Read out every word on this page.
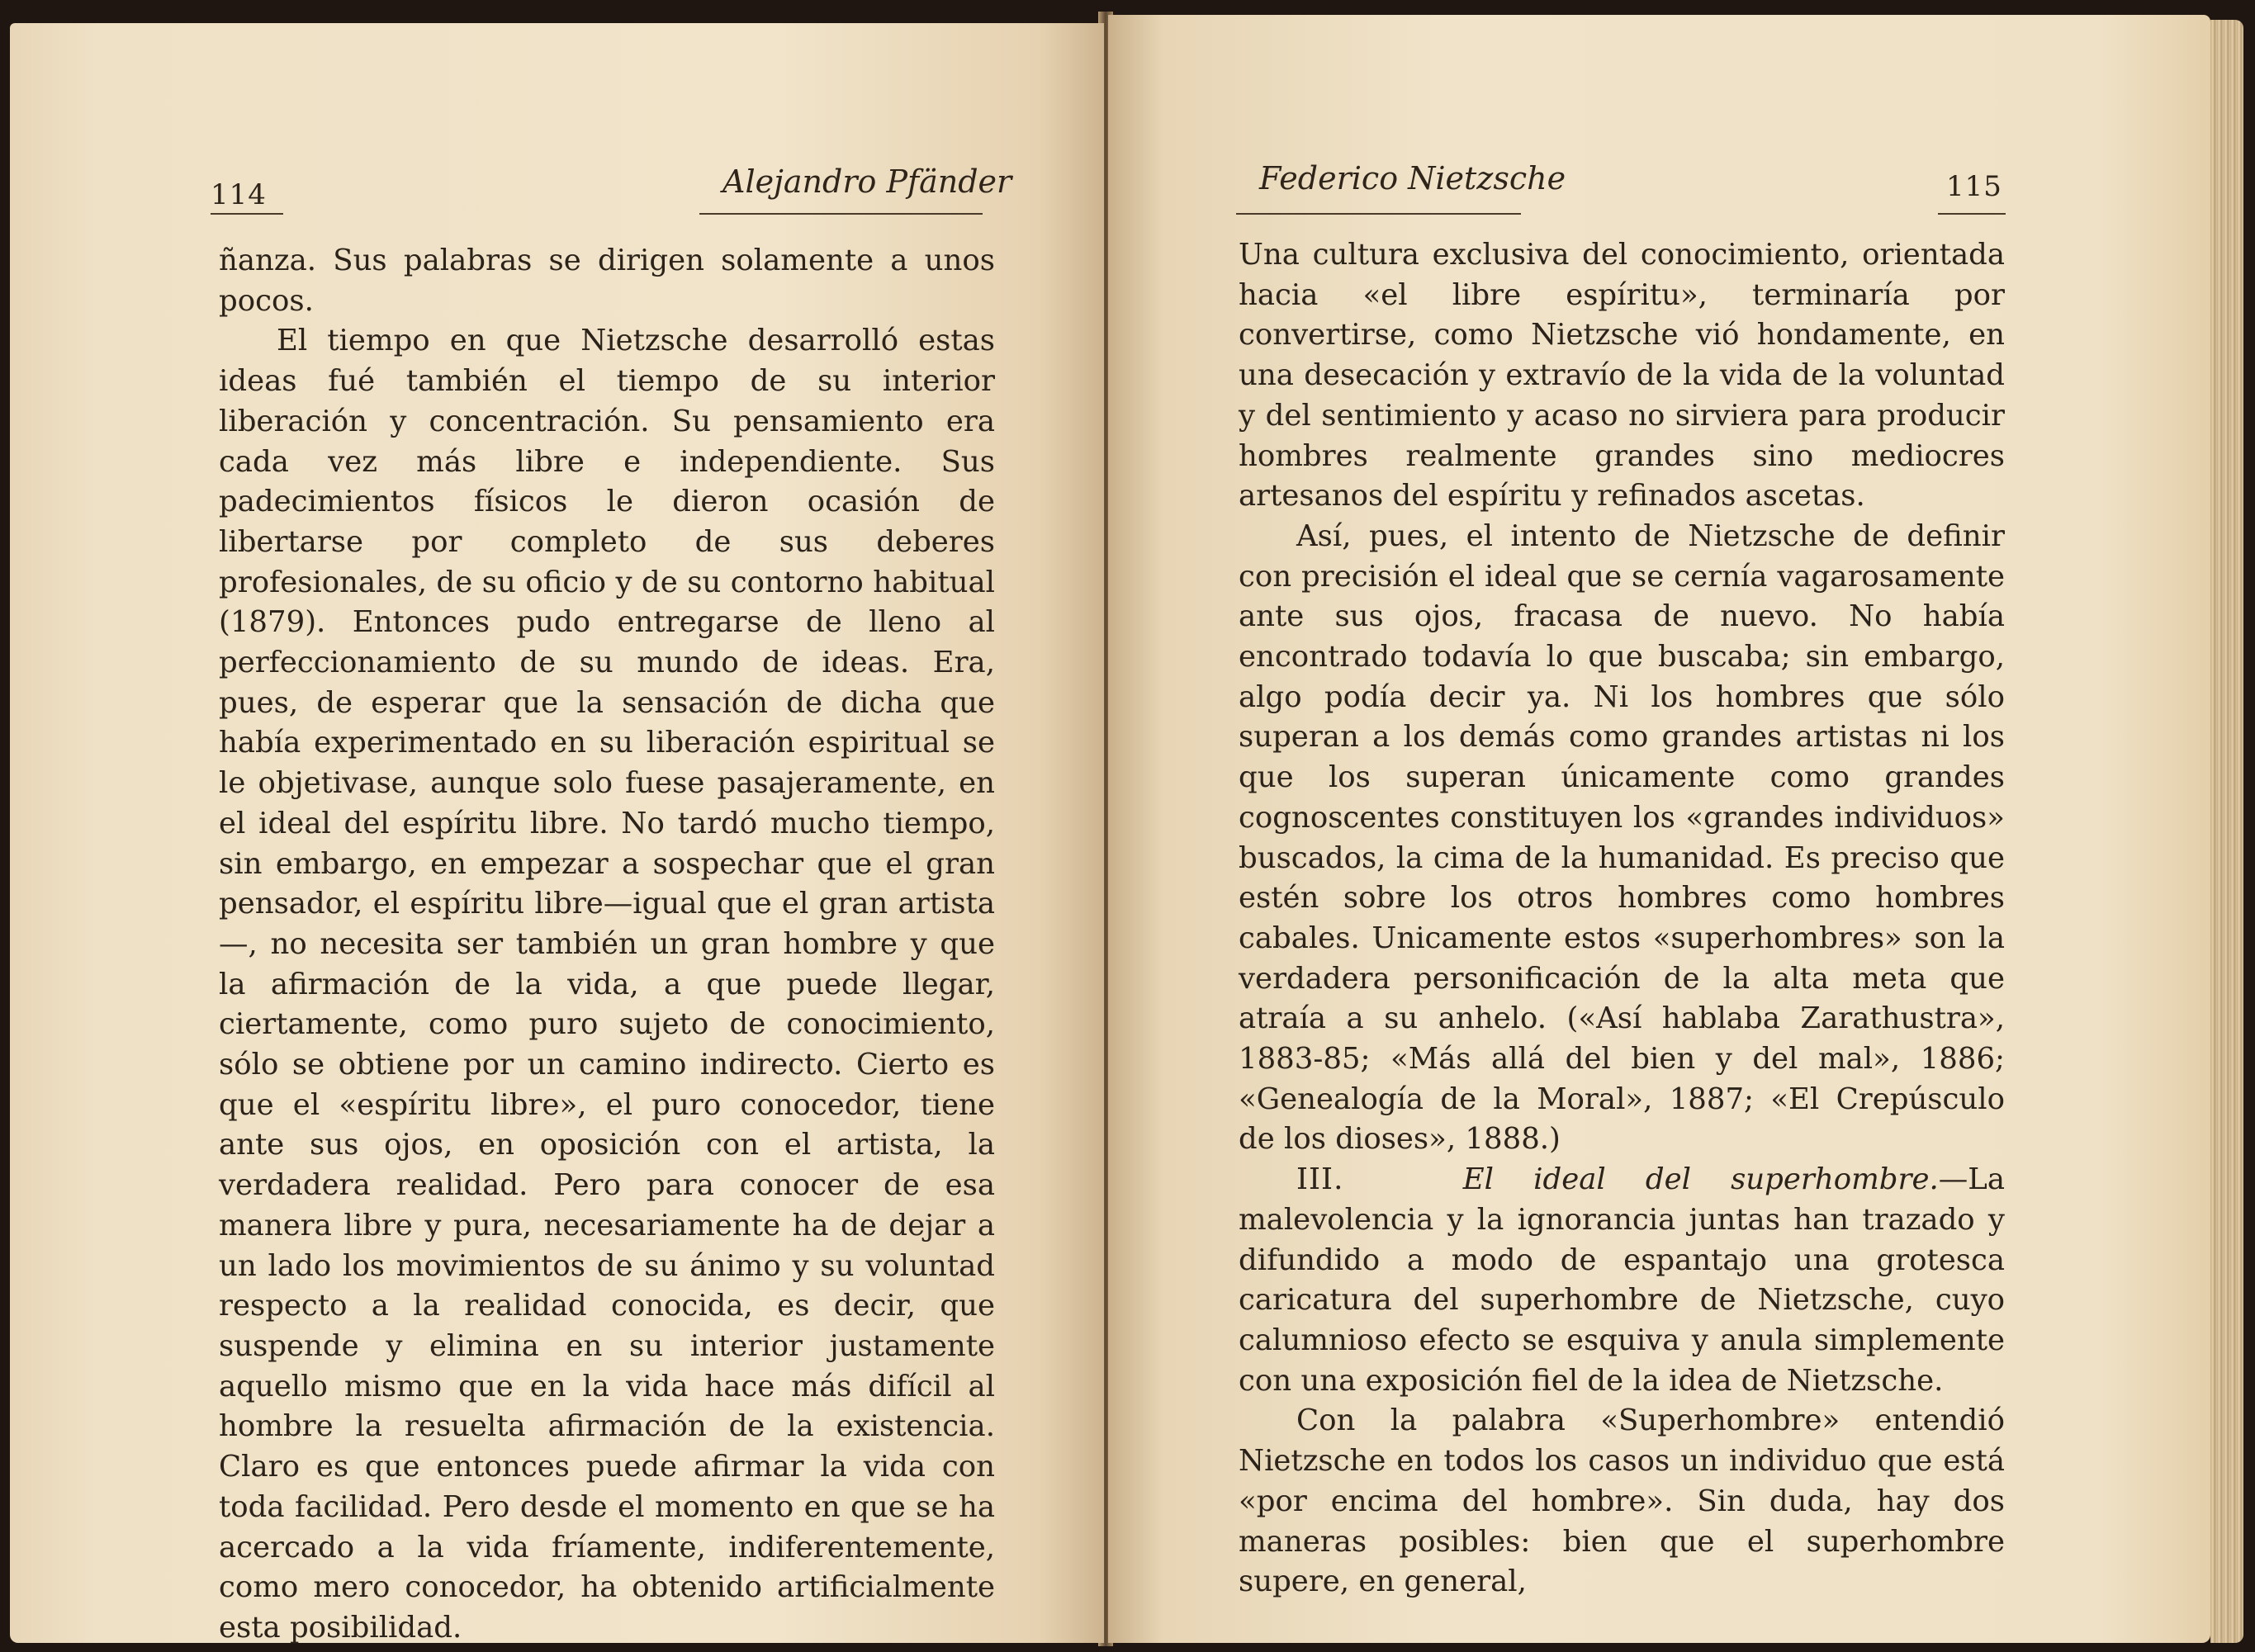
114	Alejandro Pfänder

ñanza. Sus palabras se dirigen solamente a unos pocos.

El tiempo en que Nietzsche desarrolló estas ideas fué también el tiempo de su interior liberación y concentración. Su pensamiento era cada vez más libre e independiente. Sus padecimientos físicos le dieron ocasión de libertarse por completo de sus deberes profesionales, de su oficio y de su contorno habitual (1879). Entonces pudo entregarse de lleno al perfeccionamiento de su mundo de ideas. Era, pues, de esperar que la sensación de dicha que había experimentado en su liberación espiritual se le objetivase, aunque solo fuese pasajeramente, en el ideal del espíritu libre. No tardó mucho tiempo, sin embargo, en empezar a sospechar que el gran pensador, el espíritu libre—igual que el gran artista—, no necesita ser también un gran hombre y que la afirmación de la vida, a que puede llegar, ciertamente, como puro sujeto de conocimiento, sólo se obtiene por un camino indirecto. Cierto es que el «espíritu libre», el puro conocedor, tiene ante sus ojos, en oposición con el artista, la verdadera realidad. Pero para conocer de esa manera libre y pura, necesariamente ha de dejar a un lado los movimientos de su ánimo y su voluntad respecto a la realidad conocida, es decir, que suspende y elimina en su interior justamente aquello mismo que en la vida hace más difícil al hombre la resuelta afirmación de la existencia. Claro es que entonces puede afirmar la vida con toda facilidad. Pero desde el momento en que se ha acercado a la vida fríamente, indiferentemente, como mero conocedor, ha obtenido artificialmente esta posibilidad.

Federico Nietzsche	115

Una cultura exclusiva del conocimiento, orientada hacia «el libre espíritu», terminaría por convertirse, como Nietzsche vió hondamente, en una desecación y extravío de la vida de la voluntad y del sentimiento y acaso no sirviera para producir hombres realmente grandes sino mediocres artesanos del espíritu y refinados ascetas.

Así, pues, el intento de Nietzsche de definir con precisión el ideal que se cernía vagarosamente ante sus ojos, fracasa de nuevo. No había encontrado todavía lo que buscaba; sin embargo, algo podía decir ya. Ni los hombres que sólo superan a los demás como grandes artistas ni los que los superan únicamente como grandes cognoscentes constituyen los «grandes individuos» buscados, la cima de la humanidad. Es preciso que estén sobre los otros hombres como hombres cabales. Unicamente estos «superhombres» son la verdadera personificación de la alta meta que atraía a su anhelo. («Así hablaba Zarathustra», 1883-85; «Más allá del bien y del mal», 1886; «Genealogía de la Moral», 1887; «El Crepúsculo de los dioses», 1888.)

III.	El ideal del superhombre.—La malevolencia y la ignorancia juntas han trazado y difundido a modo de espantajo una grotesca caricatura del superhombre de Nietzsche, cuyo calumnioso efecto se esquiva y anula simplemente con una exposición fiel de la idea de Nietzsche.

Con la palabra «Superhombre» entendió Nietzsche en todos los casos un individuo que está «por encima del hombre». Sin duda, hay dos maneras posibles: bien que el superhombre supere, en general,
